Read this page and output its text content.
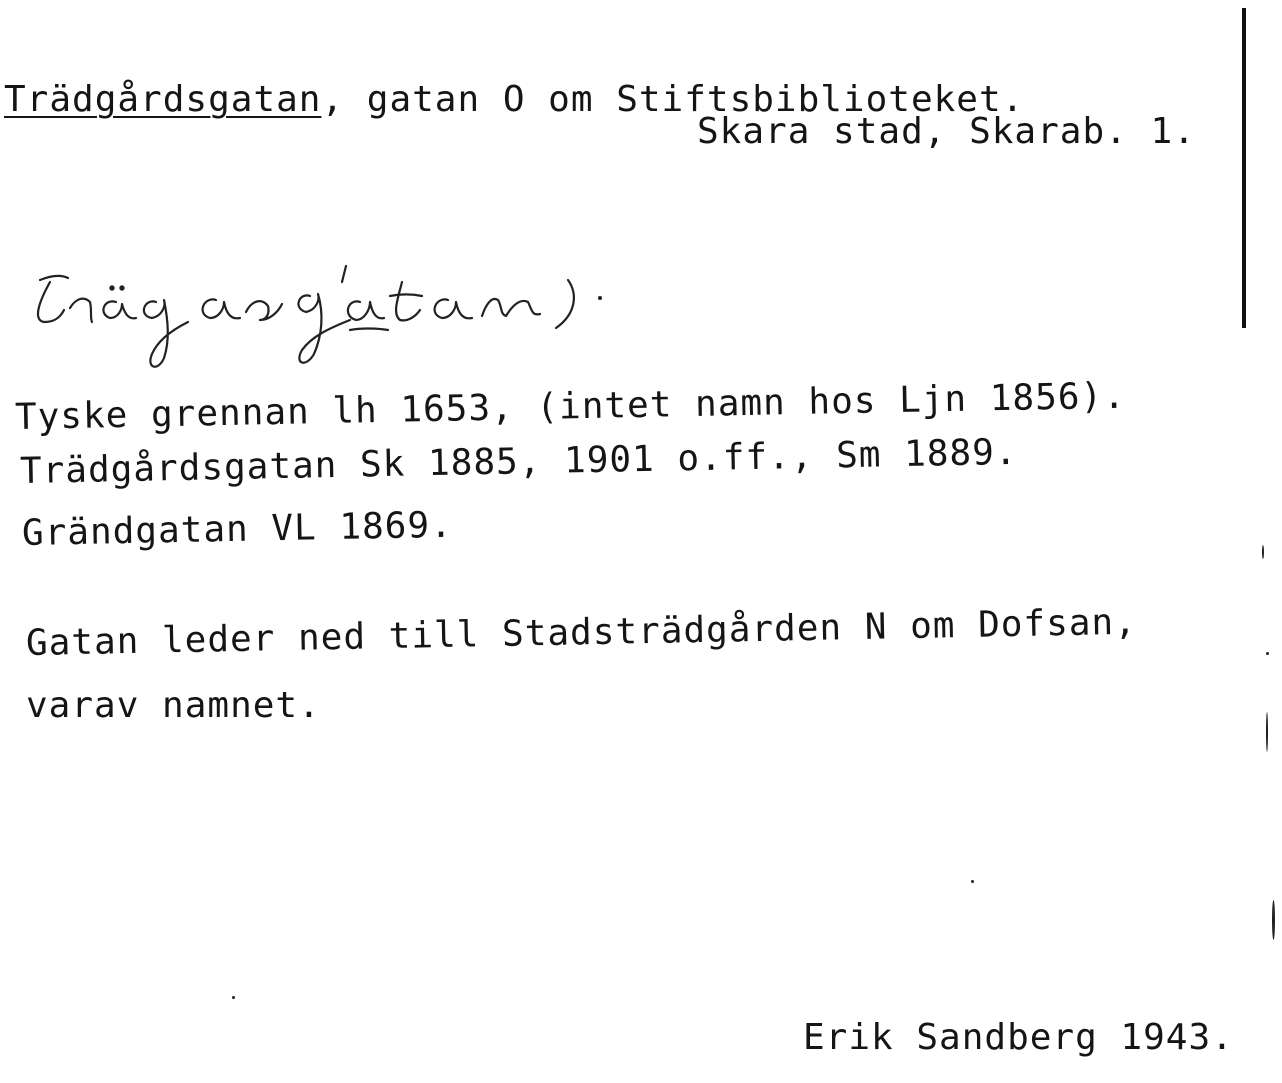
Trädgårdsgatan, gatan O om Stiftsbiblioteket.
Skara stad, Skarab. 1.
Tyske grennan lh 1653, (intet namn hos Ljn 1856).
Trädgårdsgatan Sk 1885, 1901 o.ff., Sm 1889.
Grändgatan VL 1869.
Gatan leder ned till Stadsträdgården N om Dofsan,
varav namnet.
Erik Sandberg 1943.
